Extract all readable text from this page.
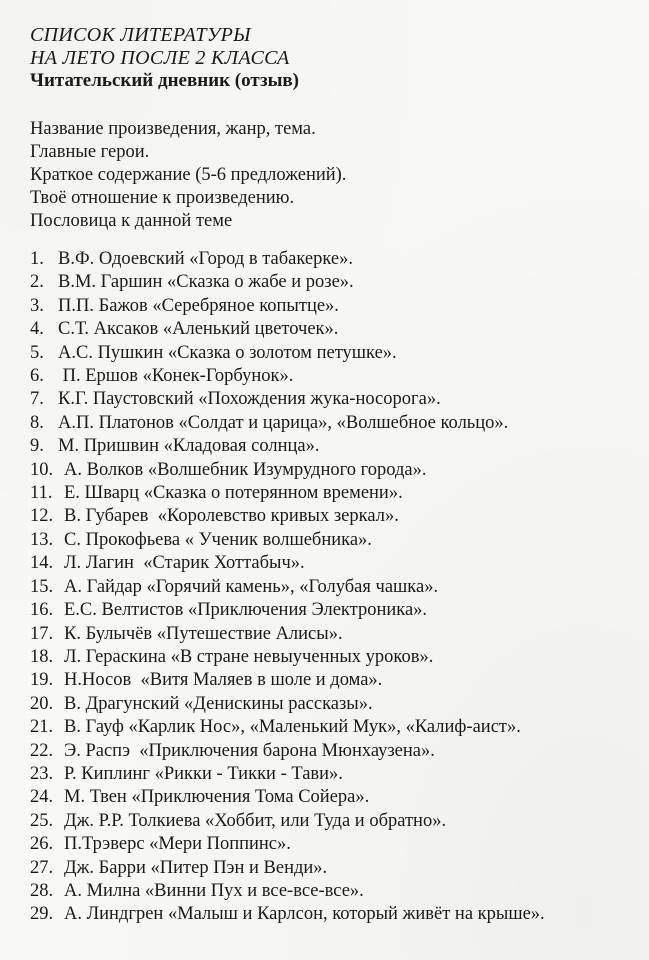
СПИСОК ЛИТЕРАТУРЫ
НА ЛЕТО ПОСЛЕ 2 КЛАССА
Читательский дневник (отзыв)
Название произведения, жанр, тема.
Главные герои.
Краткое содержание (5-6 предложений).
Твоё отношение к произведению.
Пословица к данной теме
1. В.Ф. Одоевский «Город в табакерке».
2. В.М. Гаршин «Сказка о жабе и розе».
3. П.П. Бажов «Серебряное копытце».
4. С.Т. Аксаков «Аленький цветочек».
5. А.С. Пушкин «Сказка о золотом петушке».
6. П. Ершов «Конек-Горбунок».
7. К.Г. Паустовский «Похождения жука-носорога».
8. А.П. Платонов «Солдат и царица», «Волшебное кольцо».
9. М. Пришвин «Кладовая солнца».
10. А. Волков «Волшебник Изумрудного города».
11. Е. Шварц «Сказка о потерянном времени».
12. В. Губарев  «Королевство кривых зеркал».
13. С. Прокофьева « Ученик волшебника».
14. Л. Лагин  «Старик Хоттабыч».
15. А. Гайдар «Горячий камень», «Голубая чашка».
16. Е.С. Велтистов «Приключения Электроника».
17. К. Булычёв «Путешествие Алисы».
18. Л. Гераскина «В стране невыученных уроков».
19. Н.Носов  «Витя Маляев в шоле и дома».
20. В. Драгунский «Денискины рассказы».
21. В. Гауф «Карлик Нос», «Маленький Мук», «Калиф-аист».
22. Э. Распэ  «Приключения барона Мюнхаузена».
23. Р. Киплинг «Рикки - Тикки - Тави».
24. М. Твен «Приключения Тома Сойера».
25. Дж. Р.Р. Толкиева «Хоббит, или Туда и обратно».
26. П.Трэверс «Мери Поппинс».
27. Дж. Барри «Питер Пэн и Венди».
28. А. Милна «Винни Пух и все-все-все».
29. А. Линдгрен «Малыш и Карлсон, который живёт на крыше».
